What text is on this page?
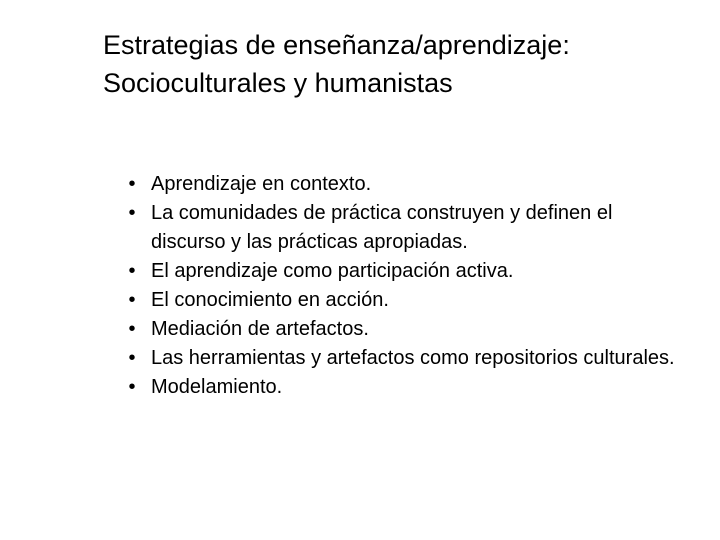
Estrategias de enseñanza/aprendizaje:
Socioculturales y humanistas
• Aprendizaje en contexto.
• La comunidades de práctica construyen y definen el discurso y las prácticas apropiadas.
• El aprendizaje como participación activa.
• El conocimiento en acción.
• Mediación de artefactos.
• Las herramientas y artefactos como repositorios culturales.
• Modelamiento.
